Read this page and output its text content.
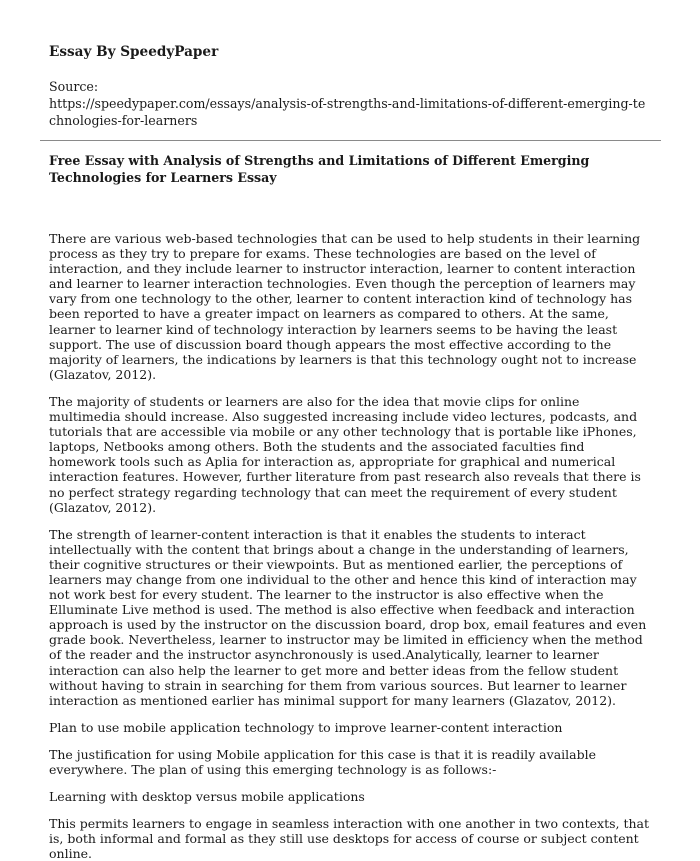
Essay By SpeedyPaper
Source:
https://speedypaper.com/essays/analysis-of-strengths-and-limitations-of-different-emerging-technologies-for-learners
Free Essay with Analysis of Strengths and Limitations of Different Emerging Technologies for Learners Essay

There are various web-based technologies that can be used to help students in their learning process as they try to prepare for exams. These technologies are based on the level of interaction, and they include learner to instructor interaction, learner to content interaction and learner to learner interaction technologies. Even though the perception of learners may vary from one technology to the other, learner to content interaction kind of technology has been reported to have a greater impact on learners as compared to others. At the same, learner to learner kind of technology interaction by learners seems to be having the least support. The use of discussion board though appears the most effective according to the majority of learners, the indications by learners is that this technology ought not to increase (Glazatov, 2012).

The majority of students or learners are also for the idea that movie clips for online multimedia should increase. Also suggested increasing include video lectures, podcasts, and tutorials that are accessible via mobile or any other technology that is portable like iPhones, laptops, Netbooks among others. Both the students and the associated faculties find homework tools such as Aplia for interaction as, appropriate for graphical and numerical interaction features. However, further literature from past research also reveals that there is no perfect strategy regarding technology that can meet the requirement of every student (Glazatov, 2012).

The strength of learner-content interaction is that it enables the students to interact intellectually with the content that brings about a change in the understanding of learners, their cognitive structures or their viewpoints. But as mentioned earlier, the perceptions of learners may change from one individual to the other and hence this kind of interaction may not work best for every student. The learner to the instructor is also effective when the Elluminate Live method is used. The method is also effective when feedback and interaction approach is used by the instructor on the discussion board, drop box, email features and even grade book. Nevertheless, learner to instructor may be limited in efficiency when the method of the reader and the instructor asynchronously is used.Analytically, learner to learner interaction can also help the learner to get more and better ideas from the fellow student without having to strain in searching for them from various sources. But learner to learner interaction as mentioned earlier has minimal support for many learners (Glazatov, 2012).

Plan to use mobile application technology to improve learner-content interaction

The justification for using Mobile application for this case is that it is readily available everywhere. The plan of using this emerging technology is as follows:-

Learning with desktop versus mobile applications

This permits learners to engage in seamless interaction with one another in two contexts, that is, both informal and formal as they still use desktops for access of course or subject content online.
